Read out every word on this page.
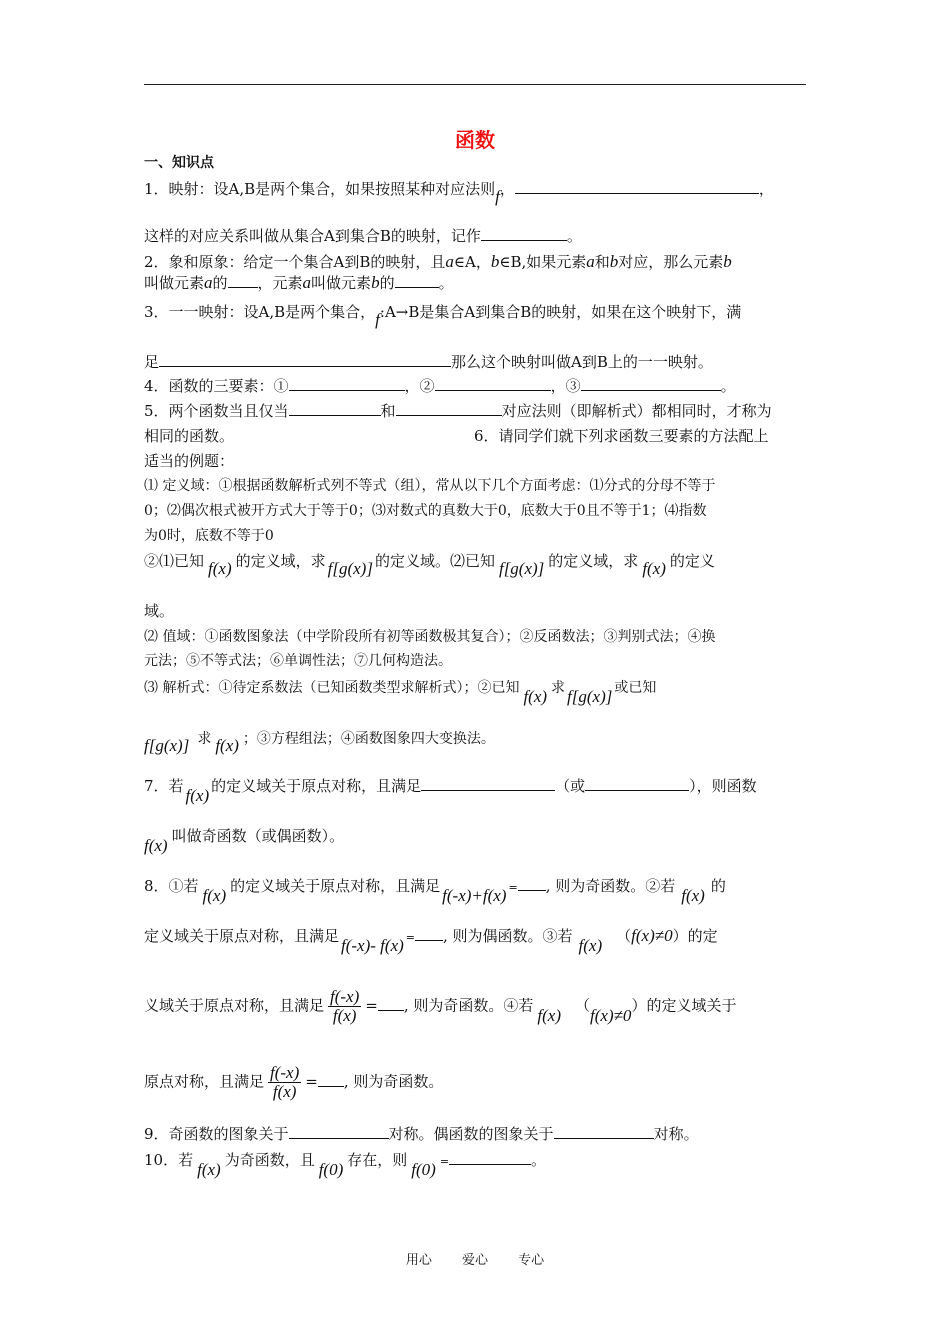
函数
一、知识点
1．映射：设A,B是两个集合，如果按照某种对应法则f，	，
这样的对应关系叫做从集合A到集合B的映射，记作	。
2．象和原象：给定一个集合A到B的映射，且a∈A，b∈B,如果元素a和b对应，那么元素b
叫做元素a的 ，元素a叫做元素b的	。
3．一一映射：设A,B是两个集合，f:A→B是集合A到集合B的映射，如果在这个映射下，满
足	那么这个映射叫做A到B上的一一映射。
4．函数的三要素：①	，②	，③	。
5．两个函数当且仅当	和	对应法则（即解析式）都相同时，才称为
相同的函数。	6．请同学们就下列求函数三要素的方法配上
适当的例题：
⑴ 定义域：①根据函数解析式列不等式（组），常从以下几个方面考虑：⑴分式的分母不等于
0；⑵偶次根式被开方式大于等于0；⑶对数式的真数大于0，底数大于0且不等于1；⑷指数
为0时，底数不等于0
②⑴已知 f(x) 的定义域，求 f[g(x)] 的定义域。⑵已知 f[g(x)] 的定义域，求 f(x) 的定义
域。
⑵ 值域：①函数图象法（中学阶段所有初等函数极其复合）；②反函数法；③判别式法；④换
元法；⑤不等式法；⑥单调性法；⑦几何构造法。
⑶ 解析式：①待定系数法（已知函数类型求解析式）；②已知 f(x) 求 f[g(x)] 或已知
f[g(x)] 求 f(x) ；③方程组法；④函数图象四大变换法。
7．若 f(x) 的定义域关于原点对称，且满足	（或	），则函数
f(x) 叫做奇函数（或偶函数）。
8．①若 f(x) 的定义域关于原点对称，且满足 f(-x)+f(x) = , 则为奇函数。②若 f(x) 的
定义域关于原点对称，且满足 f(-x)- f(x) = , 则为偶函数。③若 f(x) （f(x)≠0）的定
义域关于原点对称，且满足 $\frac{f(-x)}{f(x)}$ = , 则为奇函数。④若 f(x) （f(x)≠0）的定义域关于
原点对称，且满足 $\frac{f(-x)}{f(x)}$ = , 则为奇函数。
9．奇函数的图象关于	对称。偶函数的图象关于	对称。
10．若 f(x) 为奇函数，且 f(0) 存在，则 f(0) =	。
用心 爱心 专心
